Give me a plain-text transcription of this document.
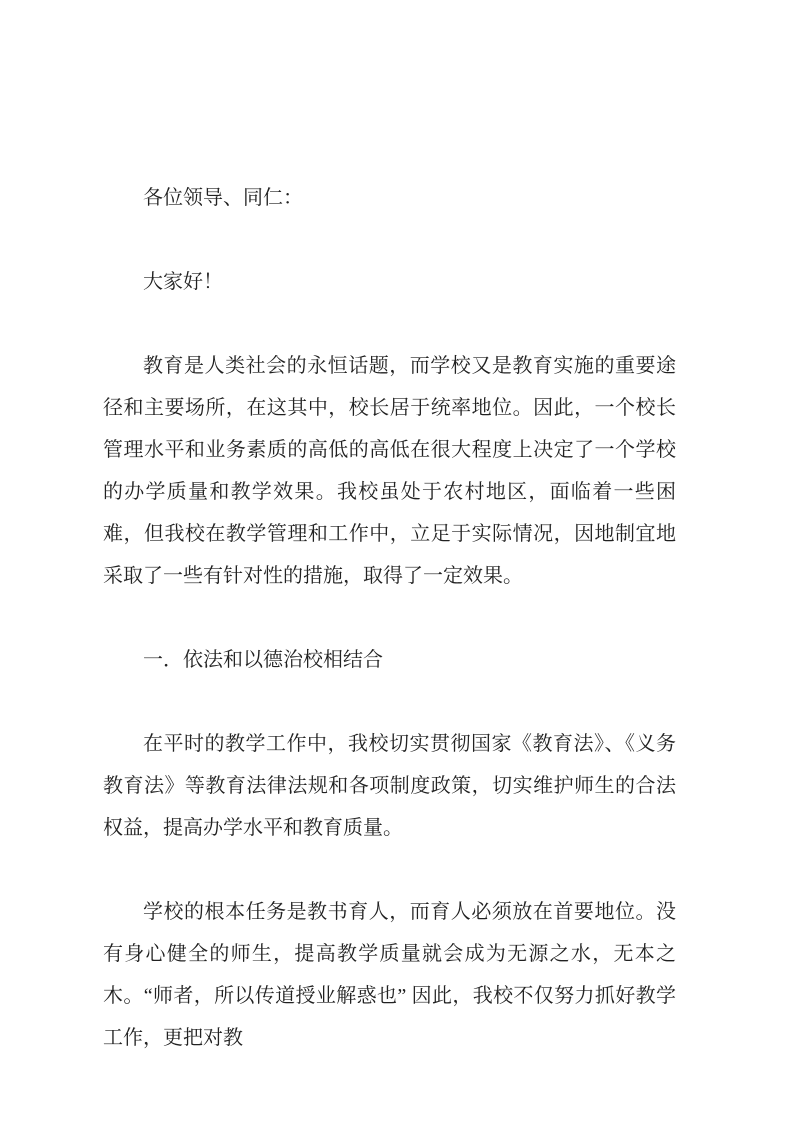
各位领导、同仁：

大家好！

教育是人类社会的永恒话题，而学校又是教育实施的重要途径和主要场所，在这其中，校长居于统率地位。因此，一个校长管理水平和业务素质的高低的高低在很大程度上决定了一个学校的办学质量和教学效果。我校虽处于农村地区，面临着一些困难，但我校在教学管理和工作中，立足于实际情况，因地制宜地采取了一些有针对性的措施，取得了一定效果。

一．依法和以德治校相结合

在平时的教学工作中，我校切实贯彻国家《教育法》、《义务教育法》等教育法律法规和各项制度政策，切实维护师生的合法权益，提高办学水平和教育质量。

学校的根本任务是教书育人，而育人必须放在首要地位。没有身心健全的师生，提高教学质量就会成为无源之水，无本之木。“师者，所以传道授业解惑也” 因此，我校不仅努力抓好教学工作，更把对教
